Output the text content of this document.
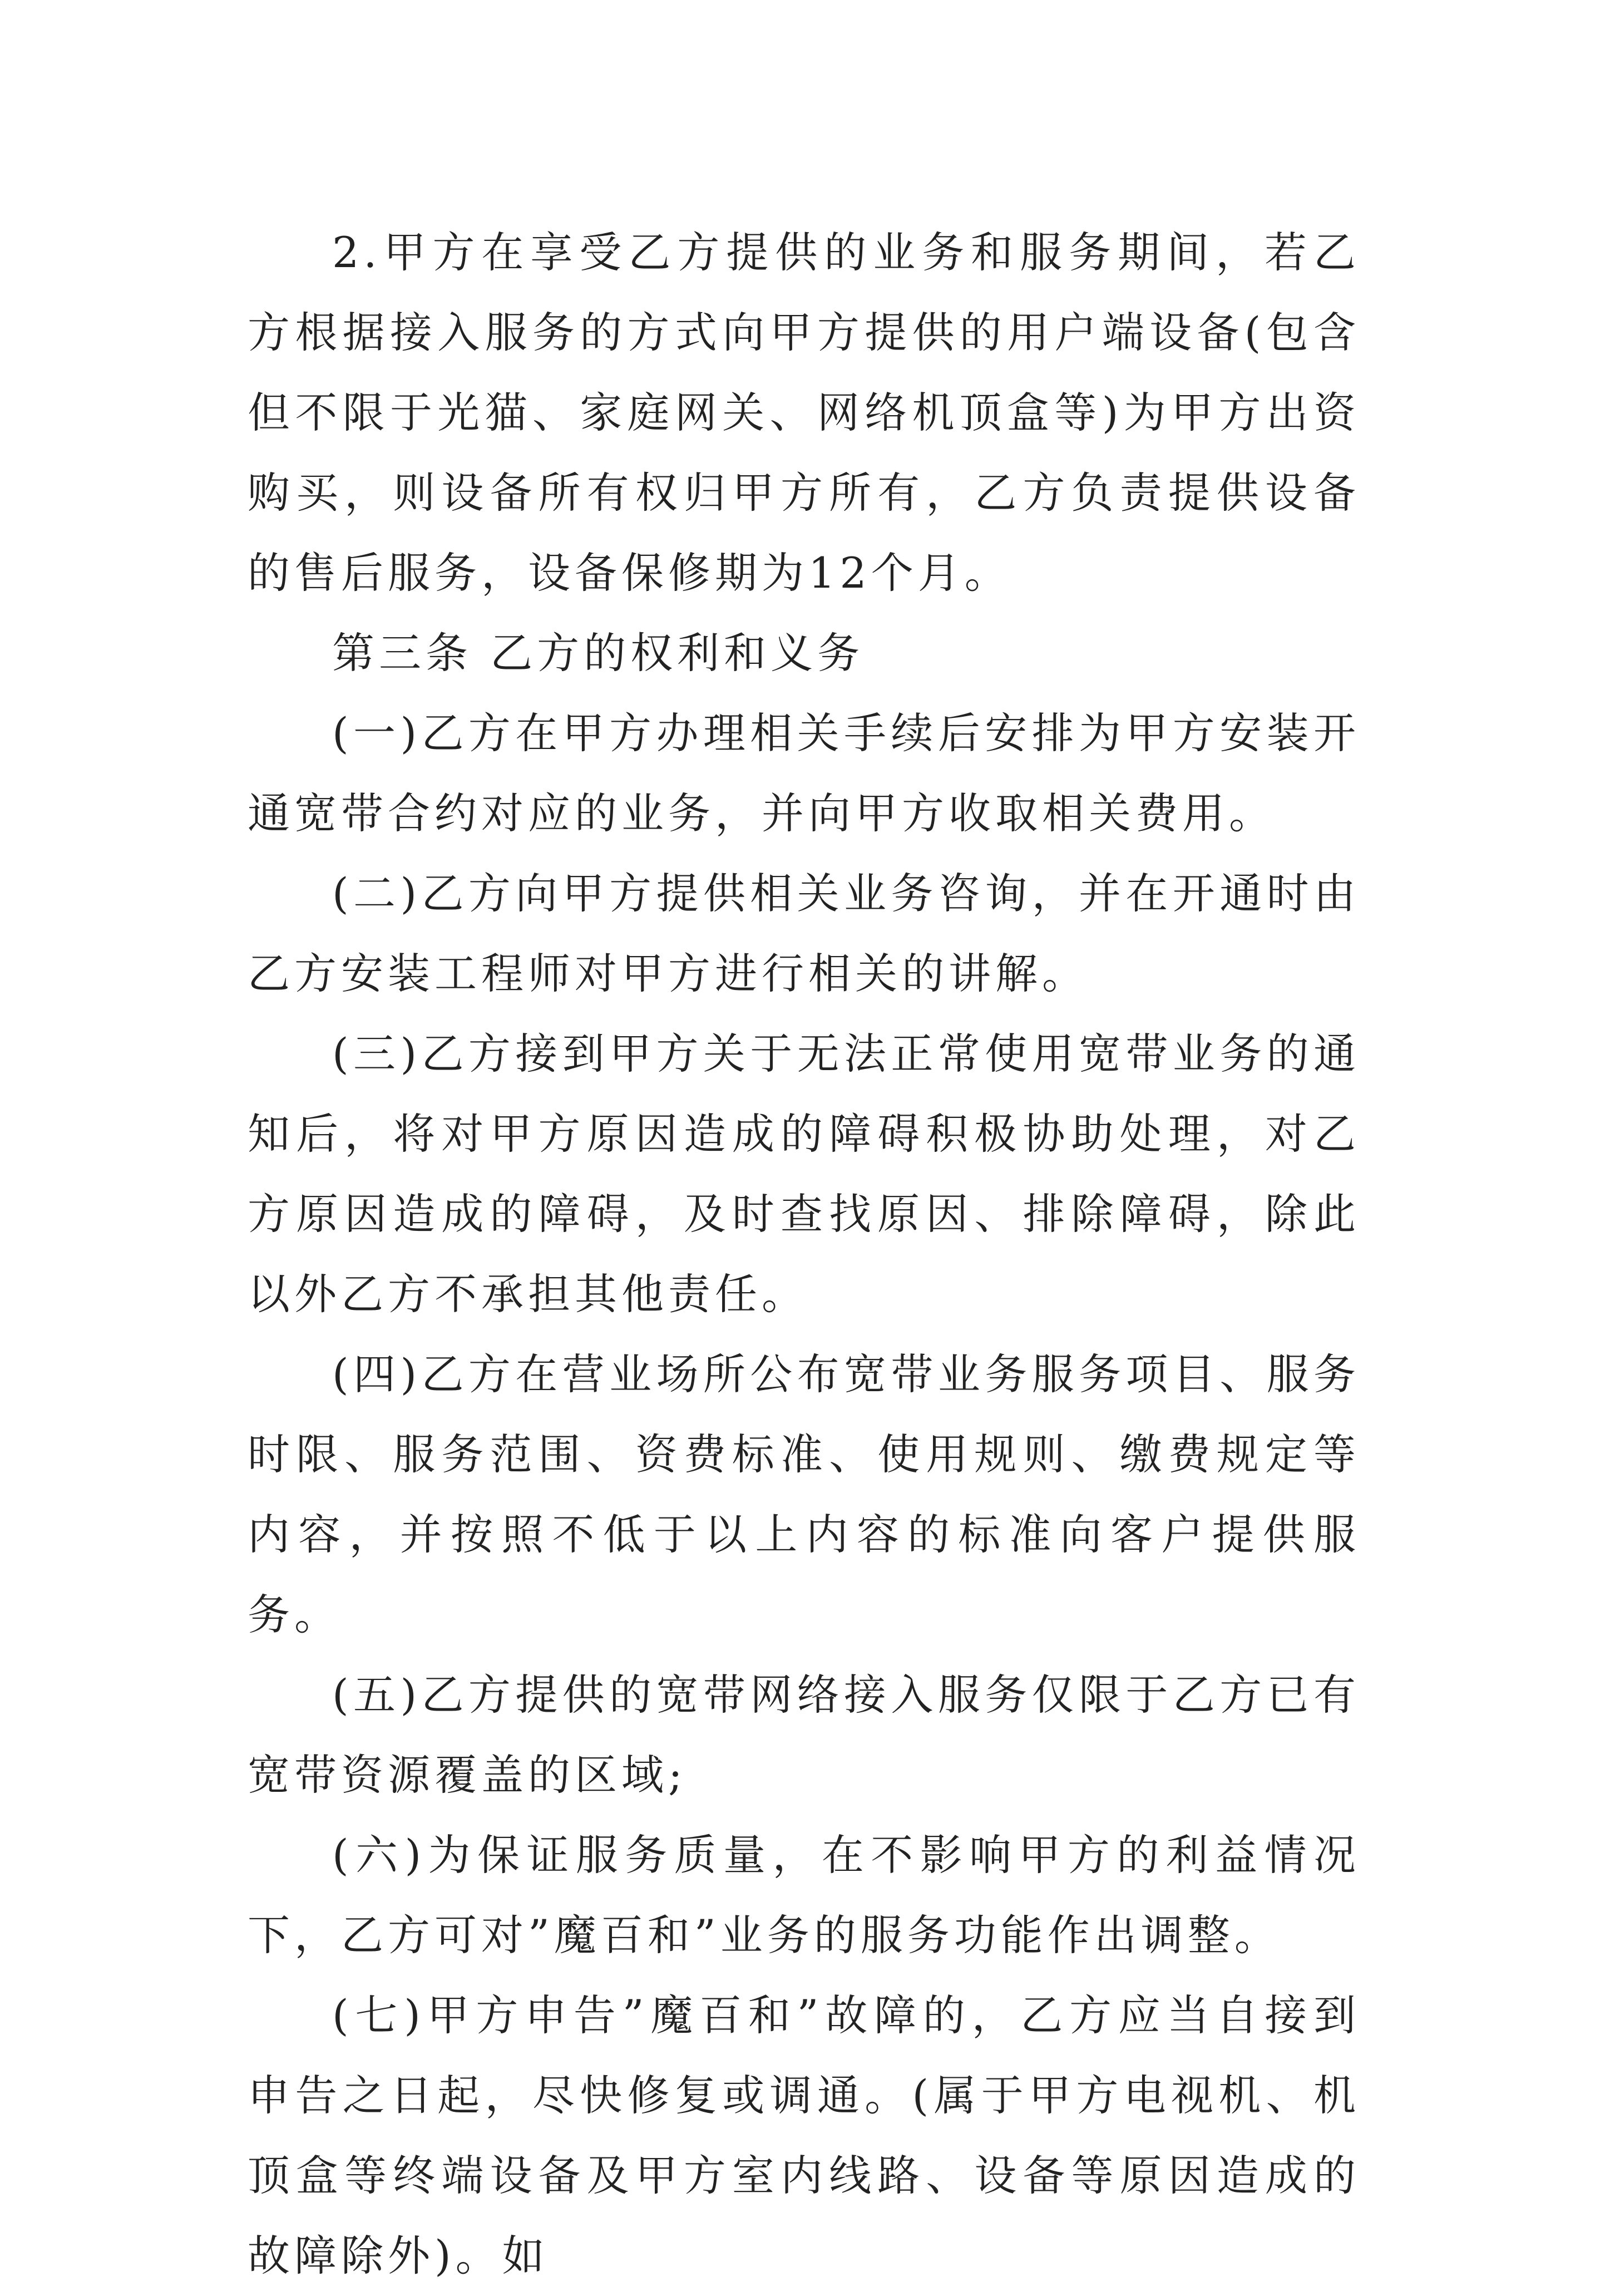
2.甲方在享受乙方提供的业务和服务期间，若乙方根据接入服务的方式向甲方提供的用户端设备(包含但不限于光猫、家庭网关、网络机顶盒等)为甲方出资购买，则设备所有权归甲方所有，乙方负责提供设备的售后服务，设备保修期为12个月。

第三条 乙方的权利和义务

(一)乙方在甲方办理相关手续后安排为甲方安装开通宽带合约对应的业务，并向甲方收取相关费用。

(二)乙方向甲方提供相关业务咨询，并在开通时由乙方安装工程师对甲方进行相关的讲解。

(三)乙方接到甲方关于无法正常使用宽带业务的通知后，将对甲方原因造成的障碍积极协助处理，对乙方原因造成的障碍，及时查找原因、排除障碍，除此以外乙方不承担其他责任。

(四)乙方在营业场所公布宽带业务服务项目、服务时限、服务范围、资费标准、使用规则、缴费规定等内容，并按照不低于以上内容的标准向客户提供服务。

(五)乙方提供的宽带网络接入服务仅限于乙方已有宽带资源覆盖的区域;

(六)为保证服务质量，在不影响甲方的利益情况下，乙方可对”魔百和”业务的服务功能作出调整。

(七)甲方申告”魔百和”故障的，乙方应当自接到申告之日起，尽快修复或调通。(属于甲方电视机、机顶盒等终端设备及甲方室内线路、设备等原因造成的故障除外)。如
